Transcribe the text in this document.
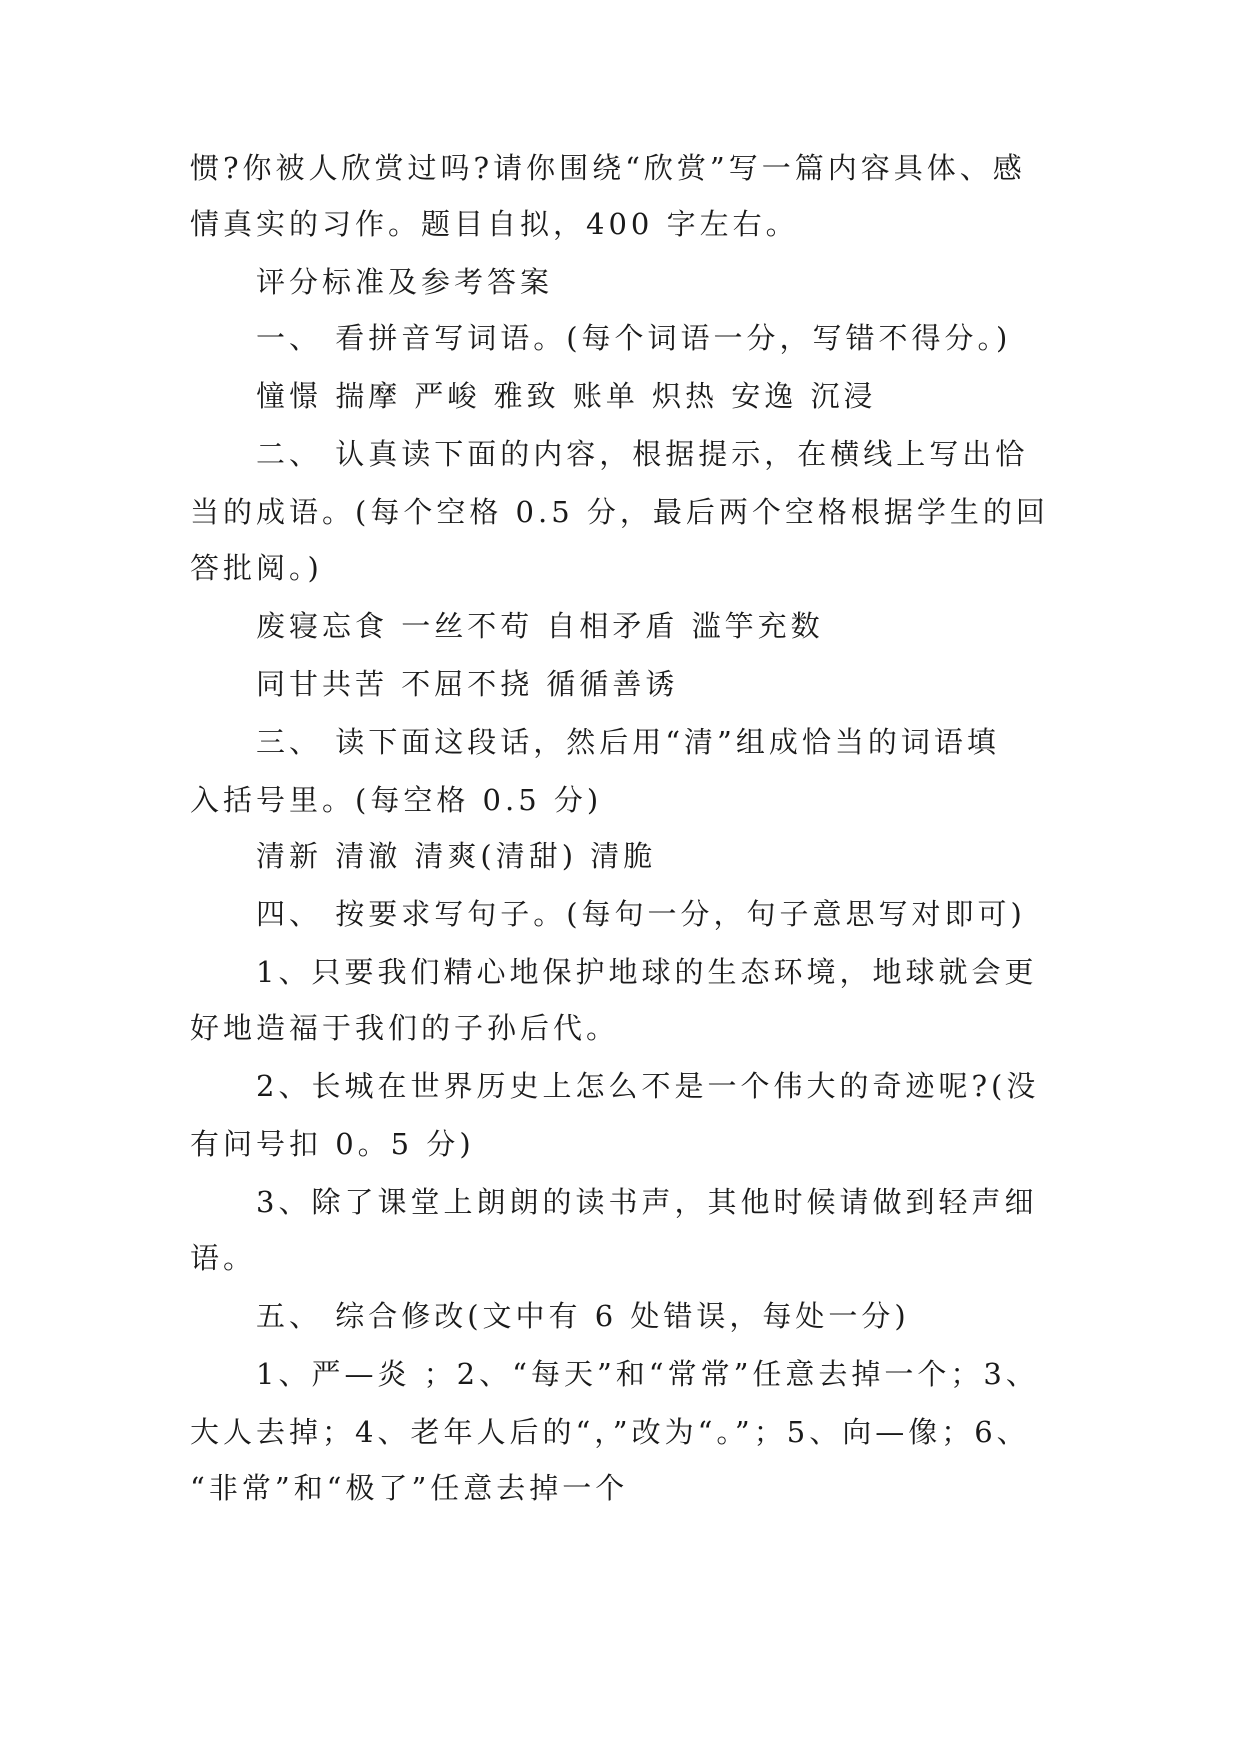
惯?你被人欣赏过吗?请你围绕“欣赏”写一篇内容具体、感
情真实的习作。题目自拟，400 字左右。
评分标准及参考答案
一、 看拼音写词语。(每个词语一分，写错不得分。)
憧憬 揣摩 严峻 雅致 账单 炽热 安逸 沉浸
二、 认真读下面的内容，根据提示，在横线上写出恰
当的成语。(每个空格 0.5 分，最后两个空格根据学生的回
答批阅。)
废寝忘食 一丝不苟 自相矛盾 滥竽充数
同甘共苦 不屈不挠 循循善诱
三、 读下面这段话，然后用“清”组成恰当的词语填
入括号里。(每空格 0.5 分)
清新 清澈 清爽(清甜) 清脆
四、 按要求写句子。(每句一分，句子意思写对即可)
1、只要我们精心地保护地球的生态环境，地球就会更
好地造福于我们的子孙后代。
2、长城在世界历史上怎么不是一个伟大的奇迹呢?(没
有问号扣 0。5 分)
3、除了课堂上朗朗的读书声，其他时候请做到轻声细
语。
五、 综合修改(文中有 6 处错误，每处一分)
1、严—炎 ；2、“每天”和“常常”任意去掉一个；3、
大人去掉；4、老年人后的“，”改为“。”；5、向—像；6、
“非常”和“极了”任意去掉一个
